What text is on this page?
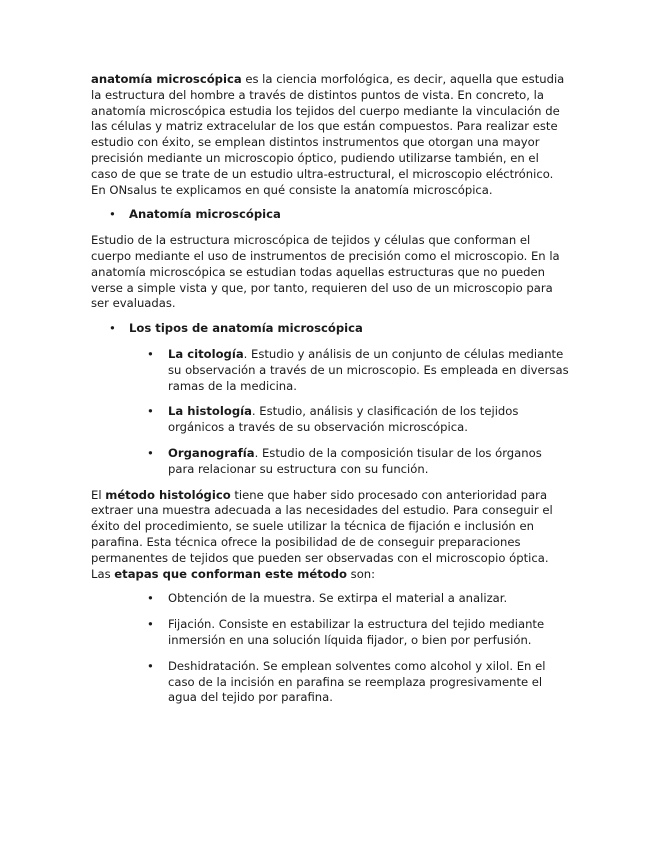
anatomía microscópica es la ciencia morfológica, es decir, aquella que estudia la estructura del hombre a través de distintos puntos de vista. En concreto, la anatomía microscópica estudia los tejidos del cuerpo mediante la vinculación de las células y matriz extracelular de los que están compuestos. Para realizar este estudio con éxito, se emplean distintos instrumentos que otorgan una mayor precisión mediante un microscopio óptico, pudiendo utilizarse también, en el caso de que se trate de un estudio ultra-estructural, el microscopio eléctrónico. En ONsalus te explicamos en qué consiste la anatomía microscópica.

• Anatomía microscópica

Estudio de la estructura microscópica de tejidos y células que conforman el cuerpo mediante el uso de instrumentos de precisión como el microscopio. En la anatomía microscópica se estudian todas aquellas estructuras que no pueden verse a simple vista y que, por tanto, requieren del uso de un microscopio para ser evaluadas.

• Los tipos de anatomía microscópica
• La citología. Estudio y análisis de un conjunto de células mediante su observación a través de un microscopio. Es empleada en diversas ramas de la medicina.
• La histología. Estudio, análisis y clasificación de los tejidos orgánicos a través de su observación microscópica.
• Organografía. Estudio de la composición tisular de los órganos para relacionar su estructura con su función.

El método histológico tiene que haber sido procesado con anterioridad para extraer una muestra adecuada a las necesidades del estudio. Para conseguir el éxito del procedimiento, se suele utilizar la técnica de fijación e inclusión en parafina. Esta técnica ofrece la posibilidad de de conseguir preparaciones permanentes de tejidos que pueden ser observadas con el microscopio óptica. Las etapas que conforman este método son:

• Obtención de la muestra. Se extirpa el material a analizar.
• Fijación. Consiste en estabilizar la estructura del tejido mediante inmersión en una solución líquida fijador, o bien por perfusión.
• Deshidratación. Se emplean solventes como alcohol y xilol. En el caso de la incisión en parafina se reemplaza progresivamente el agua del tejido por parafina.
